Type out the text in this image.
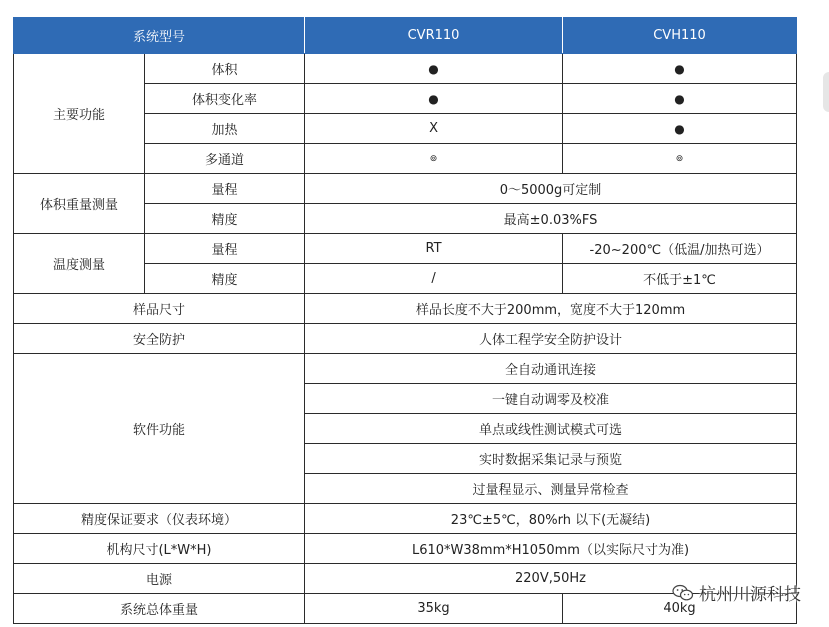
系统型号		CVR110	CVH110
主要功能	体积	●	●
	体积变化率	●	●
	加热	X	●
	多通道	⊚	⊚
体积重量测量	量程	0～5000g可定制	
	精度	最高±0.03%FS	
温度测量	量程	RT	-20~200℃（低温/加热可选）
	精度	/	不低于±1℃
样品尺寸		样品长度不大于200mm，宽度不大于120mm	
安全防护		人体工程学安全防护设计	
软件功能		全自动通讯连接	
		一键自动调零及校准	
		单点或线性测试模式可选	
		实时数据采集记录与预览	
		过量程显示、测量异常检查	
精度保证要求（仪表环境）		23℃±5℃，80%rh 以下(无凝结)	
机构尺寸(L*W*H)		L610*W38mm*H1050mm（以实际尺寸为准)	
电源		220V,50Hz	
系统总体重量		35kg	40kg
杭州川源科技
